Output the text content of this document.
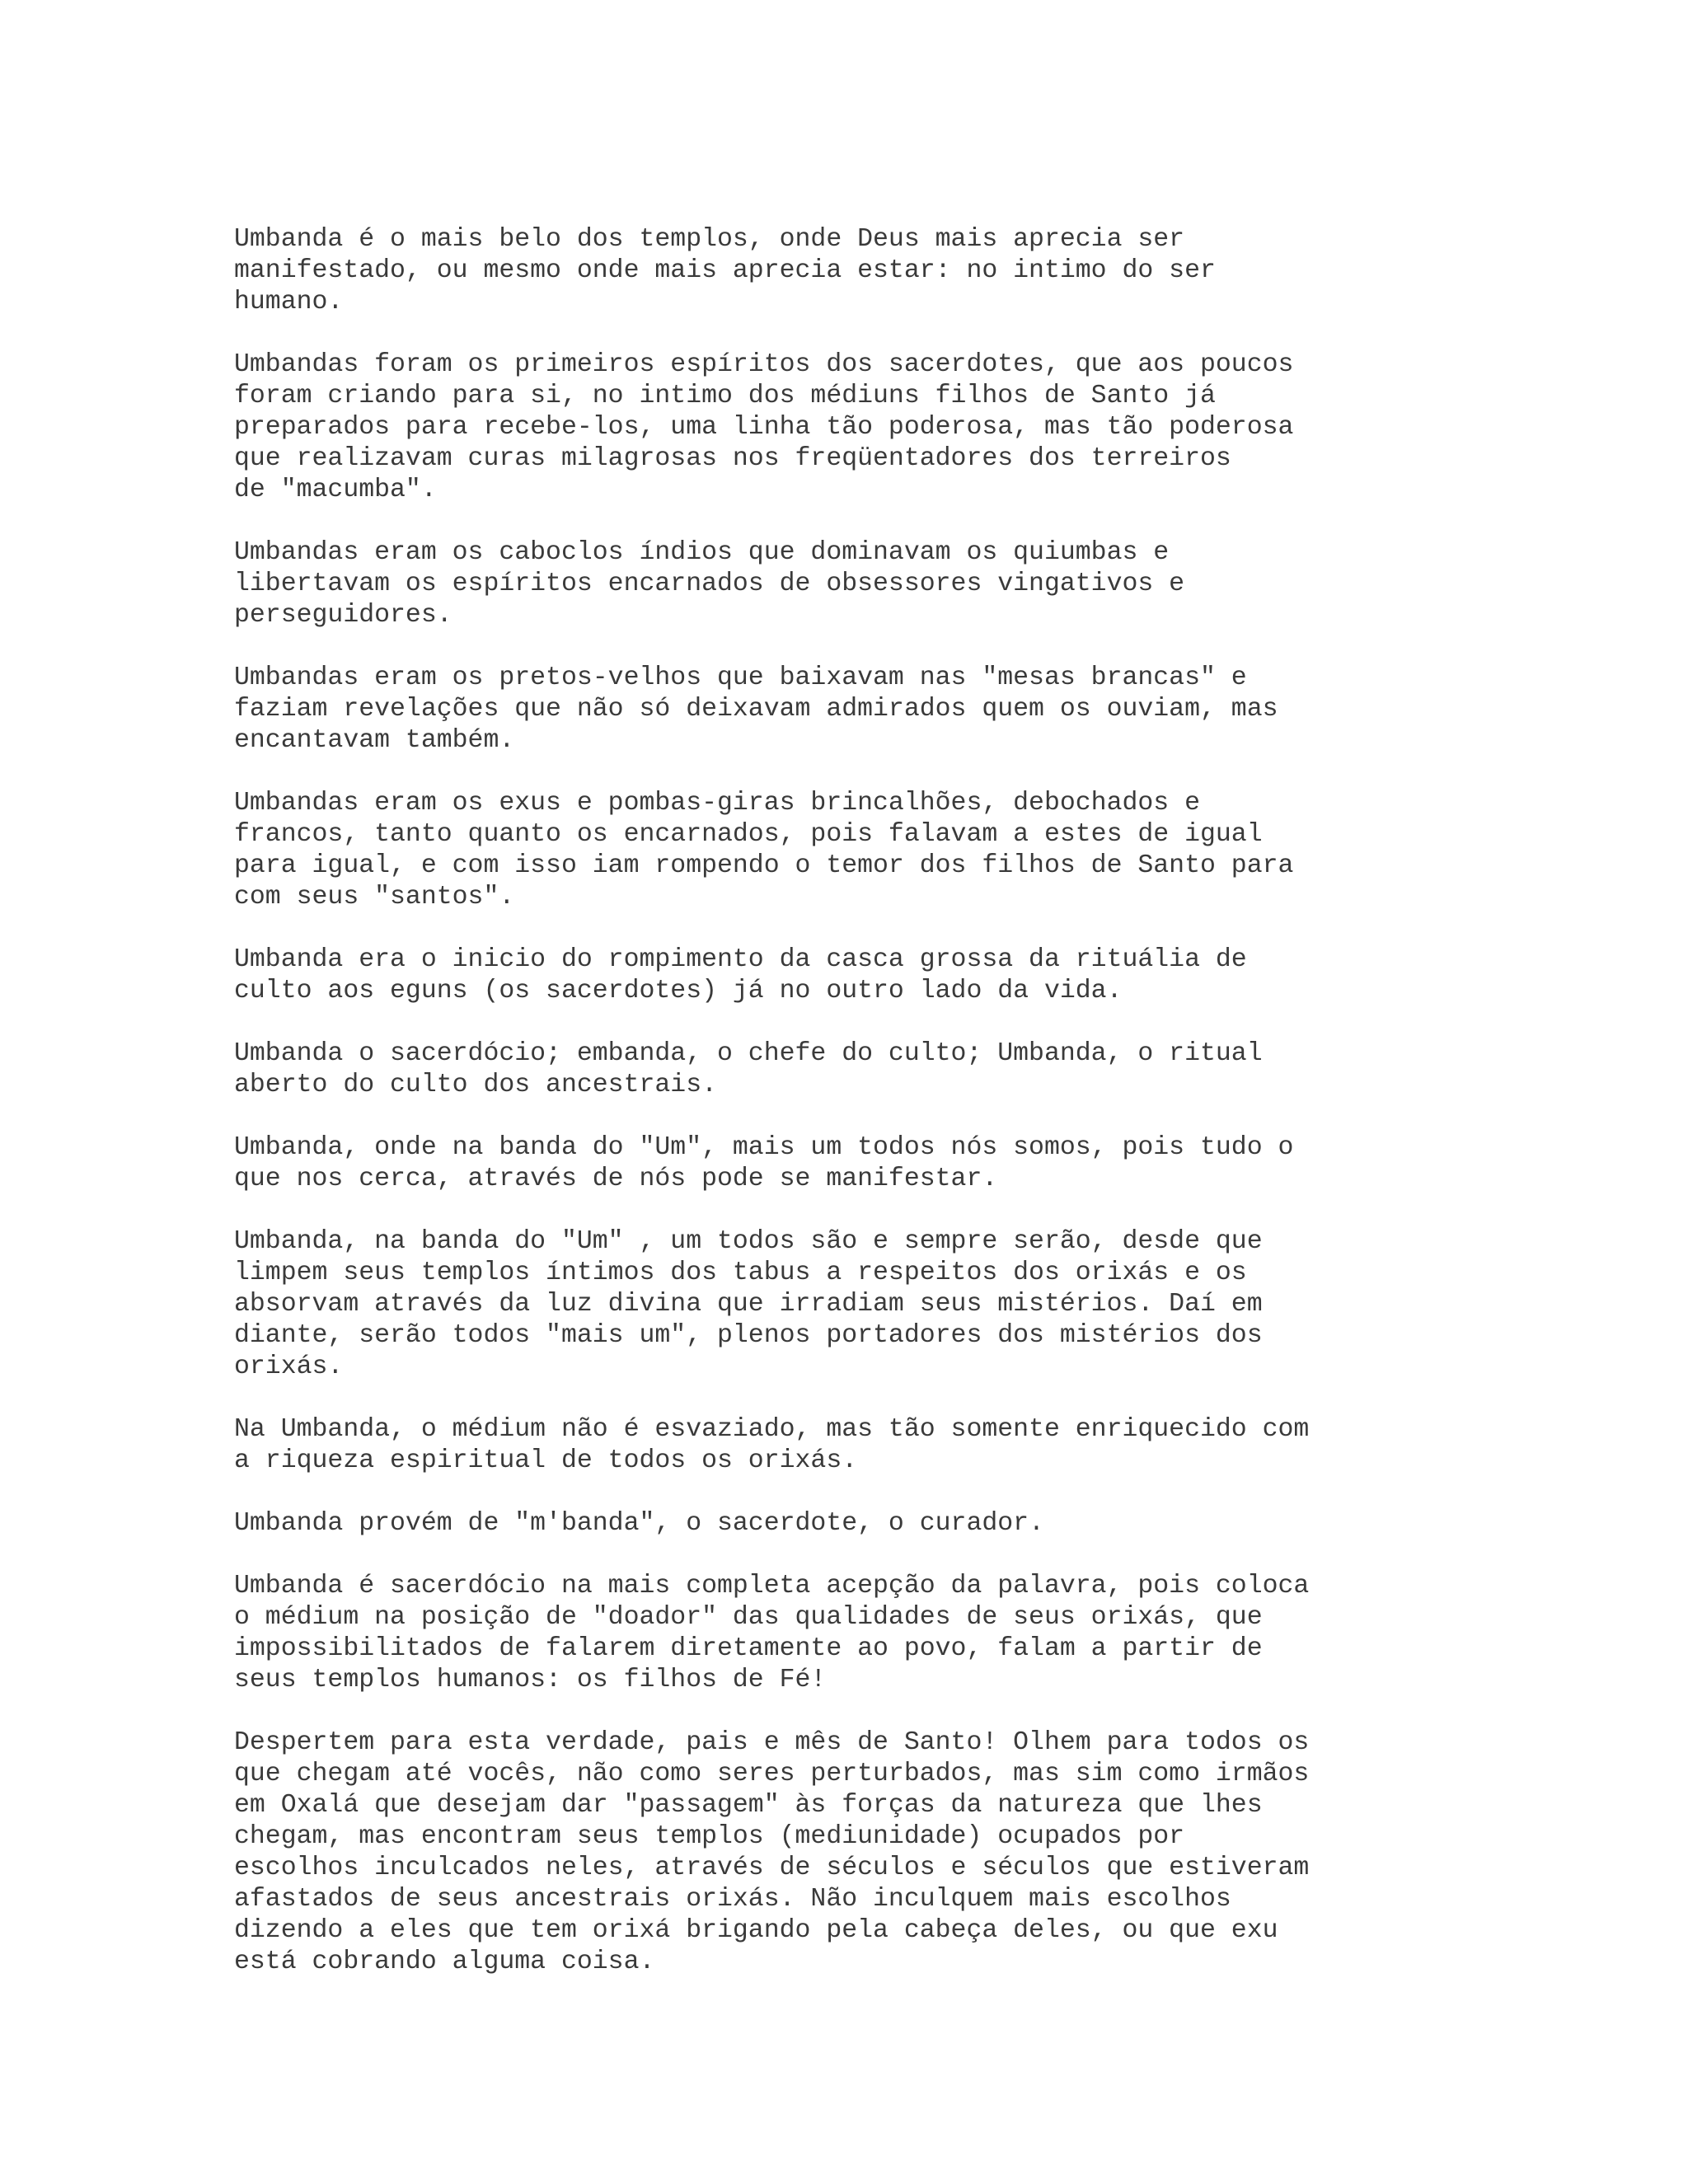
Umbanda é o mais belo dos templos, onde Deus mais aprecia ser
manifestado, ou mesmo onde mais aprecia estar: no intimo do ser
humano.
Umbandas foram os primeiros espíritos dos sacerdotes, que aos poucos
foram criando para si, no intimo dos médiuns filhos de Santo já
preparados para recebe-los, uma linha tão poderosa, mas tão poderosa
que realizavam curas milagrosas nos freqüentadores dos terreiros
de "macumba".
Umbandas eram os caboclos índios que dominavam os quiumbas e
libertavam os espíritos encarnados de obsessores vingativos e
perseguidores.
Umbandas eram os pretos-velhos que baixavam nas "mesas brancas" e
faziam revelações que não só deixavam admirados quem os ouviam, mas
encantavam também.
Umbandas eram os exus e pombas-giras brincalhões, debochados e
francos, tanto quanto os encarnados, pois falavam a estes de igual
para igual, e com isso iam rompendo o temor dos filhos de Santo para
com seus "santos".
Umbanda era o inicio do rompimento da casca grossa da rituália de
culto aos eguns (os sacerdotes) já no outro lado da vida.
Umbanda o sacerdócio; embanda, o chefe do culto; Umbanda, o ritual
aberto do culto dos ancestrais.
Umbanda, onde na banda do "Um", mais um todos nós somos, pois tudo o
que nos cerca, através de nós pode se manifestar.
Umbanda, na banda do "Um" , um todos são e sempre serão, desde que
limpem seus templos íntimos dos tabus a respeitos dos orixás e os
absorvam através da luz divina que irradiam seus mistérios. Daí em
diante, serão todos "mais um", plenos portadores dos mistérios dos
orixás.
Na Umbanda, o médium não é esvaziado, mas tão somente enriquecido com
a riqueza espiritual de todos os orixás.
Umbanda provém de "m'banda", o sacerdote, o curador.
Umbanda é sacerdócio na mais completa acepção da palavra, pois coloca
o médium na posição de "doador" das qualidades de seus orixás, que
impossibilitados de falarem diretamente ao povo, falam a partir de
seus templos humanos: os filhos de Fé!
Despertem para esta verdade, pais e mês de Santo! Olhem para todos os
que chegam até vocês, não como seres perturbados, mas sim como irmãos
em Oxalá que desejam dar "passagem" às forças da natureza que lhes
chegam, mas encontram seus templos (mediunidade) ocupados por
escolhos inculcados neles, através de séculos e séculos que estiveram
afastados de seus ancestrais orixás. Não inculquem mais escolhos
dizendo a eles que tem orixá brigando pela cabeça deles, ou que exu
está cobrando alguma coisa.
